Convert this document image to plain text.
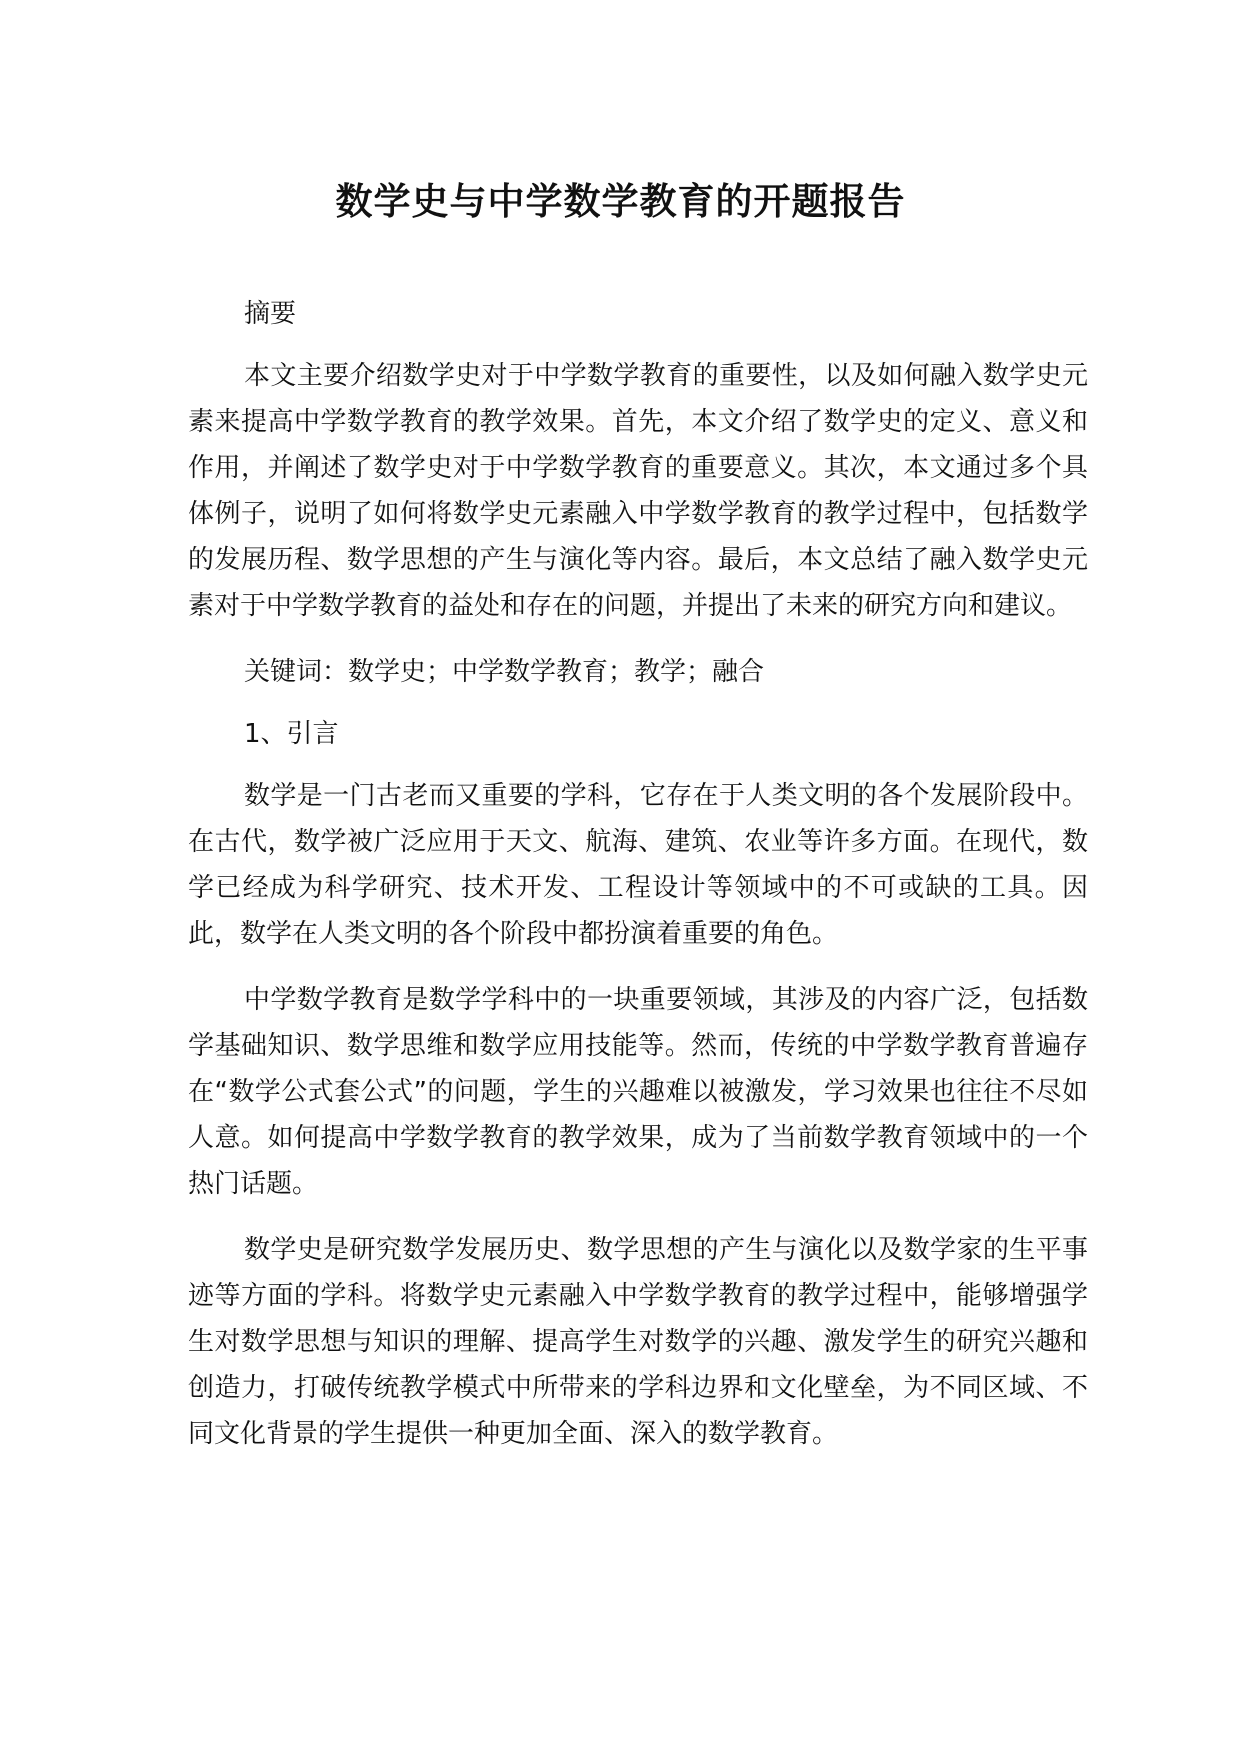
数学史与中学数学教育的开题报告

摘要

本文主要介绍数学史对于中学数学教育的重要性，以及如何融入数学史元素来提高中学数学教育的教学效果。首先，本文介绍了数学史的定义、意义和作用，并阐述了数学史对于中学数学教育的重要意义。其次，本文通过多个具体例子，说明了如何将数学史元素融入中学数学教育的教学过程中，包括数学的发展历程、数学思想的产生与演化等内容。最后，本文总结了融入数学史元素对于中学数学教育的益处和存在的问题，并提出了未来的研究方向和建议。

关键词：数学史；中学数学教育；教学；融合

1、引言

数学是一门古老而又重要的学科，它存在于人类文明的各个发展阶段中。在古代，数学被广泛应用于天文、航海、建筑、农业等许多方面。在现代，数学已经成为科学研究、技术开发、工程设计等领域中的不可或缺的工具。因此，数学在人类文明的各个阶段中都扮演着重要的角色。

中学数学教育是数学学科中的一块重要领域，其涉及的内容广泛，包括数学基础知识、数学思维和数学应用技能等。然而，传统的中学数学教育普遍存在“数学公式套公式”的问题，学生的兴趣难以被激发，学习效果也往往不尽如人意。如何提高中学数学教育的教学效果，成为了当前数学教育领域中的一个热门话题。

数学史是研究数学发展历史、数学思想的产生与演化以及数学家的生平事迹等方面的学科。将数学史元素融入中学数学教育的教学过程中，能够增强学生对数学思想与知识的理解、提高学生对数学的兴趣、激发学生的研究兴趣和创造力，打破传统教学模式中所带来的学科边界和文化壁垒，为不同区域、不同文化背景的学生提供一种更加全面、深入的数学教育。
